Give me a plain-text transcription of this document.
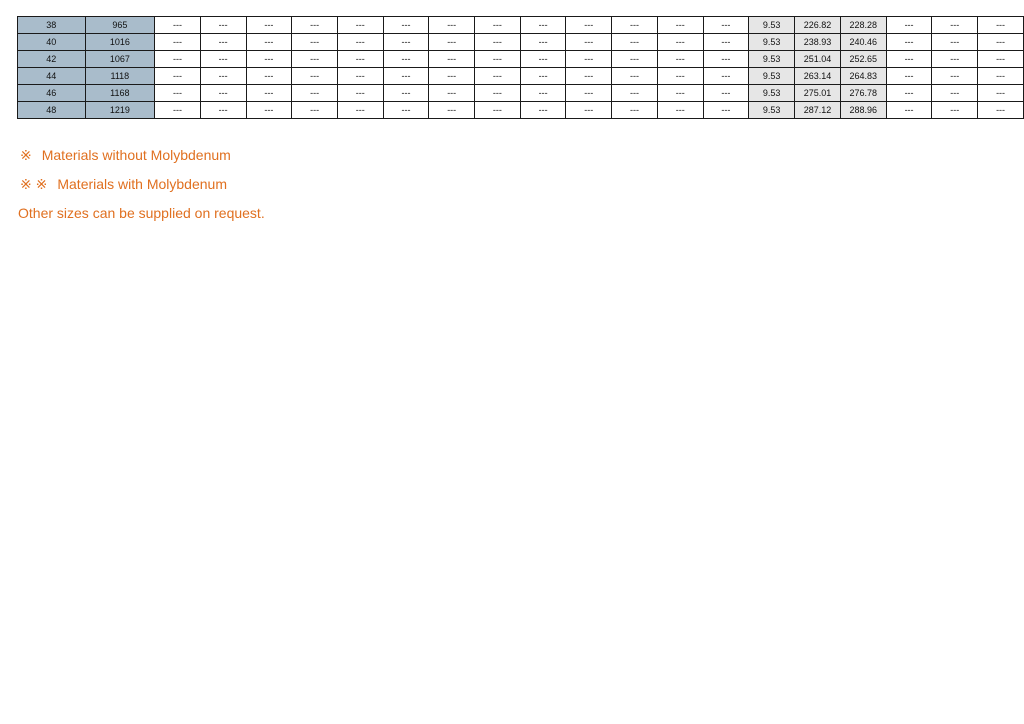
38	965	---	---	---	---	---	---	---	---	---	---	---	---	---	9.53	226.82	228.28	---	---	---
40	1016	---	---	---	---	---	---	---	---	---	---	---	---	---	9.53	238.93	240.46	---	---	---
42	1067	---	---	---	---	---	---	---	---	---	---	---	---	---	9.53	251.04	252.65	---	---	---
44	1118	---	---	---	---	---	---	---	---	---	---	---	---	---	9.53	263.14	264.83	---	---	---
46	1168	---	---	---	---	---	---	---	---	---	---	---	---	---	9.53	275.01	276.78	---	---	---
48	1219	---	---	---	---	---	---	---	---	---	---	---	---	---	9.53	287.12	288.96	---	---	---
※ Materials without Molybdenum
※ ※ Materials with Molybdenum
Other sizes can be supplied on request.
